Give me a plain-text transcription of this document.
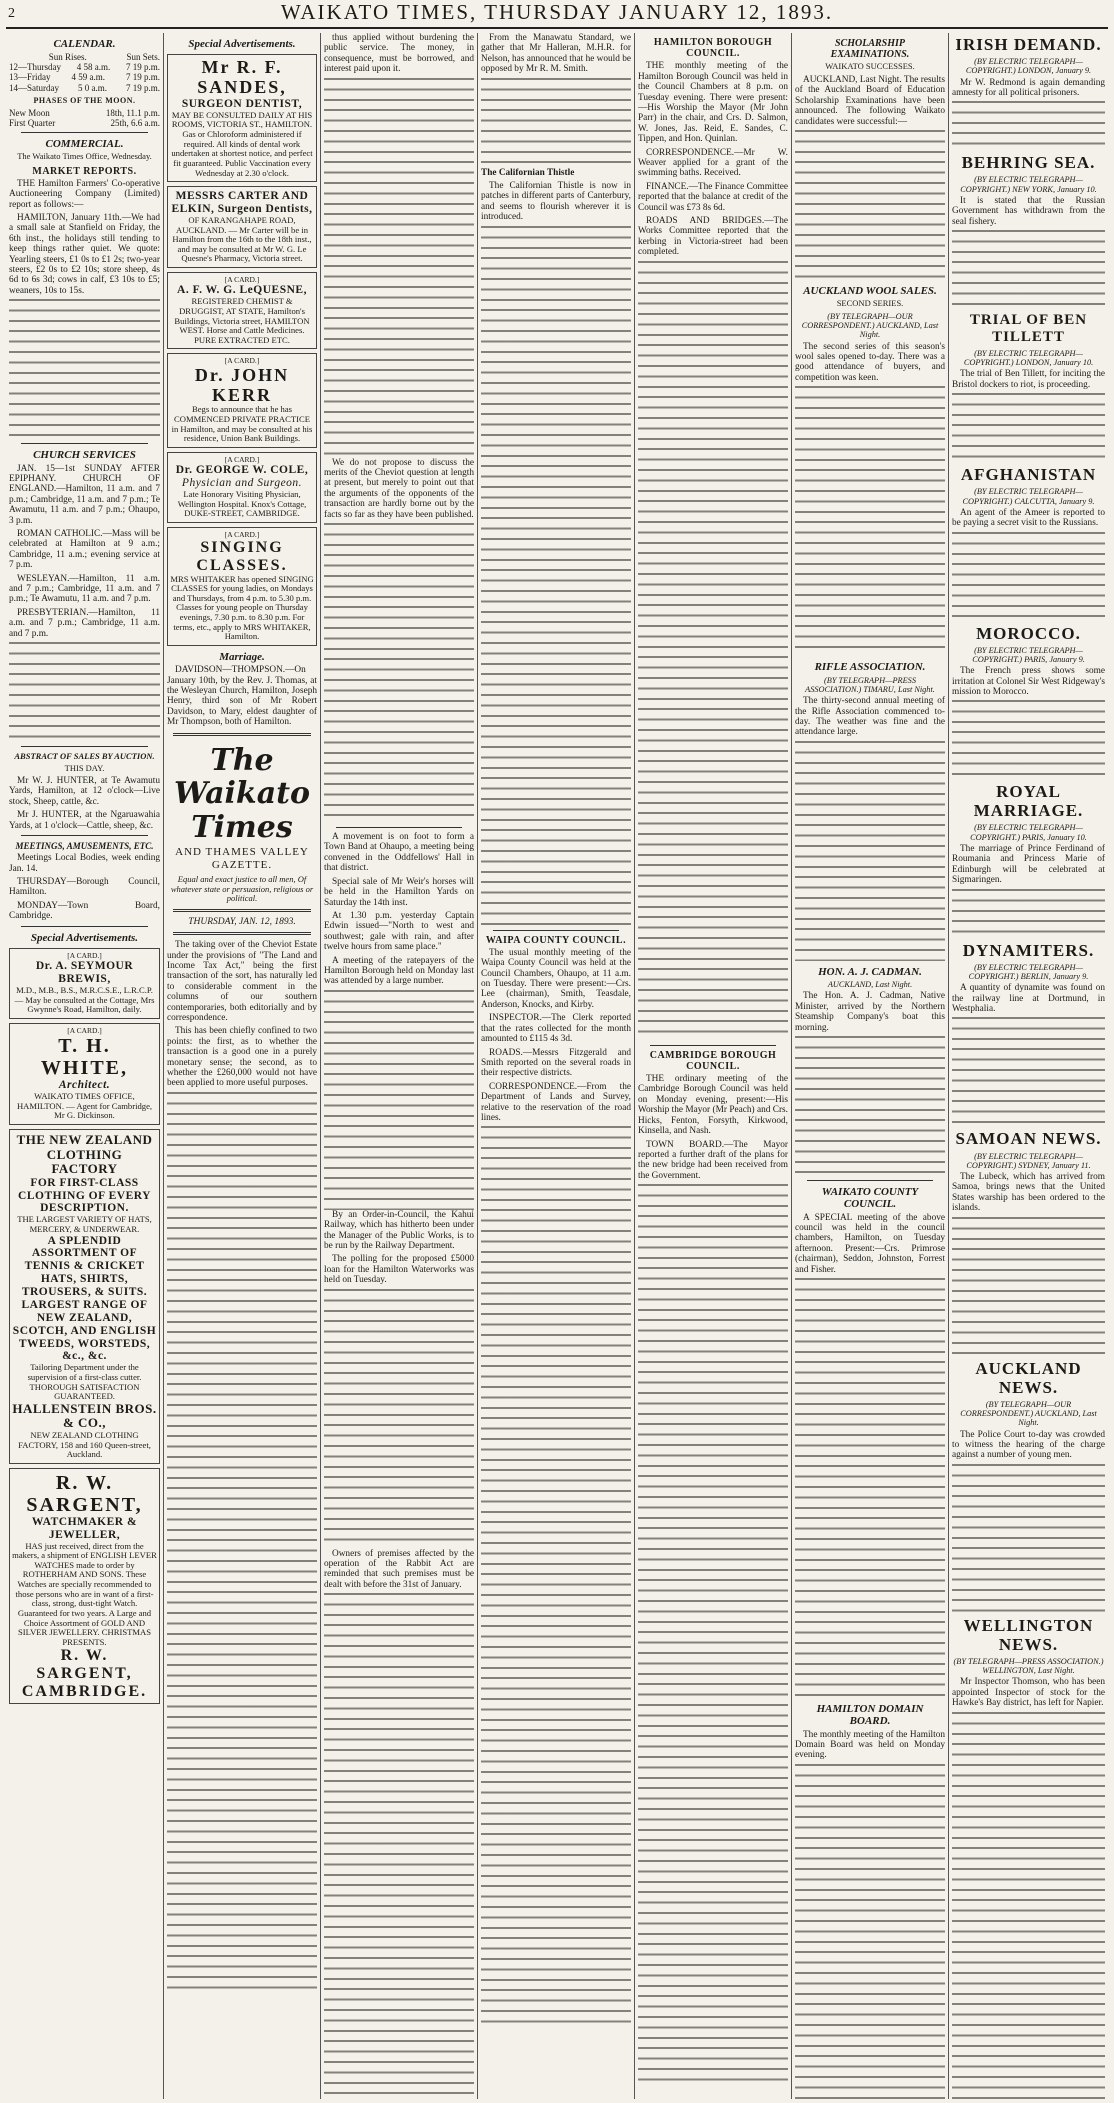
2	WAIKATO TIMES, THURSDAY JANUARY 12, 1893.
CALENDAR.
Sun Rises.	Sun Sets.
12—Thursday 4 58 a.m. 7 19 p.m.
13—Friday 4 59 a.m. 7 19 p.m.
14—Saturday 5 0 a.m. 7 19 p.m.
PHASES OF THE MOON.
New Moon	18th, 11.1 p.m.
First Quarter	25th, 6.6 a.m.
COMMERCIAL.
The Waikato Times Office, Wednesday.
MARKET REPORTS.

THE Hamilton Farmers' Co-operative Auctioneering Company (Limited) report as follows:—

HAMILTON, January 11th.—We had a small sale at Stanfield on Friday, the 6th inst., the holidays still tending to keep things rather quiet. We quote: Yearling steers, £1 0s to £1 2s; two-year steers, £2 0s to £2 10s; store sheep, 4s 6d to 6s 3d; cows in calf, £3 10s to £5; weaners, 10s to 15s.

CHURCH SERVICES

JAN. 15—1st SUNDAY AFTER EPIPHANY. CHURCH OF ENGLAND.—Hamilton, 11 a.m. and 7 p.m.; Cambridge, 11 a.m. and 7 p.m.; Te Awamutu, 11 a.m. and 7 p.m.; Ohaupo, 3 p.m.

ROMAN CATHOLIC.—Mass will be celebrated at Hamilton at 9 a.m.; Cambridge, 11 a.m.; evening service at 7 p.m.

WESLEYAN.—Hamilton, 11 a.m. and 7 p.m.; Cambridge, 11 a.m. and 7 p.m.; Te Awamutu, 11 a.m. and 7 p.m.

PRESBYTERIAN.—Hamilton, 11 a.m. and 7 p.m.; Cambridge, 11 a.m. and 7 p.m.

ABSTRACT OF SALES BY AUCTION.
THIS DAY.

Mr W. J. HUNTER, at Te Awamutu Yards, Hamilton, at 12 o'clock—Live stock, Sheep, cattle, &c.

Mr J. HUNTER, at the Ngaruawahia Yards, at 1 o'clock—Cattle, sheep, &c.

MEETINGS, AMUSEMENTS, ETC.

Meetings Local Bodies, week ending Jan. 14.

THURSDAY—Borough Council, Hamilton.

MONDAY—Town Board, Cambridge.

Special Advertisements.
[A CARD.]
Dr. A. SEYMOUR BREWIS,
M.D., M.B., B.S., M.R.C.S.E., L.R.C.P. — May be consulted at the Cottage, Mrs Gwynne's Road, Hamilton, daily.
[A CARD.]
T. H. WHITE,
Architect.
WAIKATO TIMES OFFICE, HAMILTON. — Agent for Cambridge, Mr G. Dickinson.
THE NEW ZEALAND CLOTHING FACTORY
FOR FIRST-CLASS CLOTHING OF EVERY DESCRIPTION.
THE LARGEST VARIETY OF HATS, MERCERY, & UNDERWEAR.
A SPLENDID ASSORTMENT OF TENNIS & CRICKET HATS, SHIRTS, TROUSERS, & SUITS.
LARGEST RANGE OF NEW ZEALAND, SCOTCH, AND ENGLISH TWEEDS, WORSTEDS, &c., &c.
Tailoring Department under the supervision of a first-class cutter. THOROUGH SATISFACTION GUARANTEED.
HALLENSTEIN BROS. & CO.,
NEW ZEALAND CLOTHING FACTORY, 158 and 160 Queen-street, Auckland.
R. W. SARGENT,
WATCHMAKER & JEWELLER,
HAS just received, direct from the makers, a shipment of ENGLISH LEVER WATCHES made to order by ROTHERHAM AND SONS. These Watches are specially recommended to those persons who are in want of a first-class, strong, dust-tight Watch. Guaranteed for two years. A Large and Choice Assortment of GOLD AND SILVER JEWELLERY. CHRISTMAS PRESENTS.
R. W. SARGENT, CAMBRIDGE.
Special Advertisements.
Mr R. F. SANDES,
SURGEON DENTIST,
MAY BE CONSULTED DAILY AT HIS ROOMS, VICTORIA ST., HAMILTON. Gas or Chloroform administered if required. All kinds of dental work undertaken at shortest notice, and perfect fit guaranteed. Public Vaccination every Wednesday at 2.30 o'clock.
MESSRS CARTER AND ELKIN, Surgeon Dentists,
OF KARANGAHAPE ROAD, AUCKLAND. — Mr Carter will be in Hamilton from the 16th to the 18th inst., and may be consulted at Mr W. G. Le Quesne's Pharmacy, Victoria street.
[A CARD.]
A. F. W. G. LeQUESNE,
REGISTERED CHEMIST & DRUGGIST, AT STATE, Hamilton's Buildings, Victoria street, HAMILTON WEST. Horse and Cattle Medicines. PURE EXTRACTED ETC.
[A CARD.]
Dr. JOHN KERR
Begs to announce that he has COMMENCED PRIVATE PRACTICE in Hamilton, and may be consulted at his residence, Union Bank Buildings.
[A CARD.]
Dr. GEORGE W. COLE,
Physician and Surgeon.
Late Honorary Visiting Physician, Wellington Hospital. Knox's Cottage, DUKE-STREET, CAMBRIDGE.
[A CARD.]
SINGING CLASSES.
MRS WHITAKER has opened SINGING CLASSES for young ladies, on Mondays and Thursdays, from 4 p.m. to 5.30 p.m. Classes for young people on Thursday evenings, 7.30 p.m. to 8.30 p.m. For terms, etc., apply to MRS WHITAKER, Hamilton.
Marriage.

DAVIDSON—THOMPSON.—On January 10th, by the Rev. J. Thomas, at the Wesleyan Church, Hamilton, Joseph Henry, third son of Mr Robert Davidson, to Mary, eldest daughter of Mr Thompson, both of Hamilton.

The Waikato Times
AND THAMES VALLEY GAZETTE.
Equal and exact justice to all men, Of whatever state or persuasion, religious or political.
THURSDAY, JAN. 12, 1893.

The taking over of the Cheviot Estate under the provisions of "The Land and Income Tax Act," being the first transaction of the sort, has naturally led to considerable comment in the columns of our southern contemporaries, both editorially and by correspondence.

This has been chiefly confined to two points: the first, as to whether the transaction is a good one in a purely monetary sense; the second, as to whether the £260,000 would not have been applied to more useful purposes.

thus applied without burdening the public service. The money, in consequence, must be borrowed, and interest paid upon it.

We do not propose to discuss the merits of the Cheviot question at length at present, but merely to point out that the arguments of the opponents of the transaction are hardly borne out by the facts so far as they have been published.

A movement is on foot to form a Town Band at Ohaupo, a meeting being convened in the Oddfellows' Hall in that district.

Special sale of Mr Weir's horses will be held in the Hamilton Yards on Saturday the 14th inst.

At 1.30 p.m. yesterday Captain Edwin issued—"North to west and southwest; gale with rain, and after twelve hours from same place."

A meeting of the ratepayers of the Hamilton Borough held on Monday last was attended by a large number.

By an Order-in-Council, the Kahui Railway, which has hitherto been under the Manager of the Public Works, is to be run by the Railway Department.

The polling for the proposed £5000 loan for the Hamilton Waterworks was held on Tuesday.

Owners of premises affected by the operation of the Rabbit Act are reminded that such premises must be dealt with before the 31st of January.

From the Manawatu Standard, we gather that Mr Halleran, M.H.R. for Nelson, has announced that he would be opposed by Mr R. M. Smith.

The Californian Thistle

The Californian Thistle is now in patches in different parts of Canterbury, and seems to flourish wherever it is introduced.

WAIPA COUNTY COUNCIL.

The usual monthly meeting of the Waipa County Council was held at the Council Chambers, Ohaupo, at 11 a.m. on Tuesday. There were present:—Crs. Lee (chairman), Smith, Teasdale, Anderson, Knocks, and Kirby.

INSPECTOR.—The Clerk reported that the rates collected for the month amounted to £115 4s 3d.

ROADS.—Messrs Fitzgerald and Smith reported on the several roads in their respective districts.

CORRESPONDENCE.—From the Department of Lands and Survey, relative to the reservation of the road lines.

HAMILTON BOROUGH COUNCIL.

THE monthly meeting of the Hamilton Borough Council was held in the Council Chambers at 8 p.m. on Tuesday evening. There were present:—His Worship the Mayor (Mr John Parr) in the chair, and Crs. D. Salmon, W. Jones, Jas. Reid, E. Sandes, C. Tippen, and Hon. Quinlan.

CORRESPONDENCE.—Mr W. Weaver applied for a grant of the swimming baths. Received.

FINANCE.—The Finance Committee reported that the balance at credit of the Council was £73 8s 6d.

ROADS AND BRIDGES.—The Works Committee reported that the kerbing in Victoria-street had been completed.

CAMBRIDGE BOROUGH COUNCIL.

THE ordinary meeting of the Cambridge Borough Council was held on Monday evening, present:—His Worship the Mayor (Mr Peach) and Crs. Hicks, Fenton, Forsyth, Kirkwood, Kinsella, and Nash.

TOWN BOARD.—The Mayor reported a further draft of the plans for the new bridge had been received from the Government.

SCHOLARSHIP EXAMINATIONS.
WAIKATO SUCCESSES.

AUCKLAND, Last Night. The results of the Auckland Board of Education Scholarship Examinations have been announced. The following Waikato candidates were successful:—

AUCKLAND WOOL SALES.
SECOND SERIES.
(BY TELEGRAPH—OUR CORRESPONDENT.) AUCKLAND, Last Night.

The second series of this season's wool sales opened to-day. There was a good attendance of buyers, and competition was keen.

RIFLE ASSOCIATION.
(BY TELEGRAPH—PRESS ASSOCIATION.) TIMARU, Last Night.

The thirty-second annual meeting of the Rifle Association commenced to-day. The weather was fine and the attendance large.

HON. A. J. CADMAN.
AUCKLAND, Last Night.

The Hon. A. J. Cadman, Native Minister, arrived by the Northern Steamship Company's boat this morning.

WAIKATO COUNTY COUNCIL.

A SPECIAL meeting of the above council was held in the council chambers, Hamilton, on Tuesday afternoon. Present:—Crs. Primrose (chairman), Seddon, Johnston, Forrest and Fisher.

HAMILTON DOMAIN BOARD.

The monthly meeting of the Hamilton Domain Board was held on Monday evening.

IRISH DEMAND.
(BY ELECTRIC TELEGRAPH—COPYRIGHT.) LONDON, January 9.

Mr W. Redmond is again demanding amnesty for all political prisoners.

BEHRING SEA.
(BY ELECTRIC TELEGRAPH—COPYRIGHT.) NEW YORK, January 10.

It is stated that the Russian Government has withdrawn from the seal fishery.

TRIAL OF BEN TILLETT
(BY ELECTRIC TELEGRAPH—COPYRIGHT.) LONDON, January 10.

The trial of Ben Tillett, for inciting the Bristol dockers to riot, is proceeding.

AFGHANISTAN
(BY ELECTRIC TELEGRAPH—COPYRIGHT.) CALCUTTA, January 9.

An agent of the Ameer is reported to be paying a secret visit to the Russians.

MOROCCO.
(BY ELECTRIC TELEGRAPH—COPYRIGHT.) PARIS, January 9.

The French press shows some irritation at Colonel Sir West Ridgeway's mission to Morocco.

ROYAL MARRIAGE.
(BY ELECTRIC TELEGRAPH—COPYRIGHT.) PARIS, January 10.

The marriage of Prince Ferdinand of Roumania and Princess Marie of Edinburgh will be celebrated at Sigmaringen.

DYNAMITERS.
(BY ELECTRIC TELEGRAPH—COPYRIGHT.) BERLIN, January 9.

A quantity of dynamite was found on the railway line at Dortmund, in Westphalia.

SAMOAN NEWS.
(BY ELECTRIC TELEGRAPH—COPYRIGHT.) SYDNEY, January 11.

The Lubeck, which has arrived from Samoa, brings news that the United States warship has been ordered to the islands.

AUCKLAND NEWS.
(BY TELEGRAPH—OUR CORRESPONDENT.) AUCKLAND, Last Night.

The Police Court to-day was crowded to witness the hearing of the charge against a number of young men.

WELLINGTON NEWS.
(BY TELEGRAPH—PRESS ASSOCIATION.) WELLINGTON, Last Night.

Mr Inspector Thomson, who has been appointed Inspector of stock for the Hawke's Bay district, has left for Napier.
